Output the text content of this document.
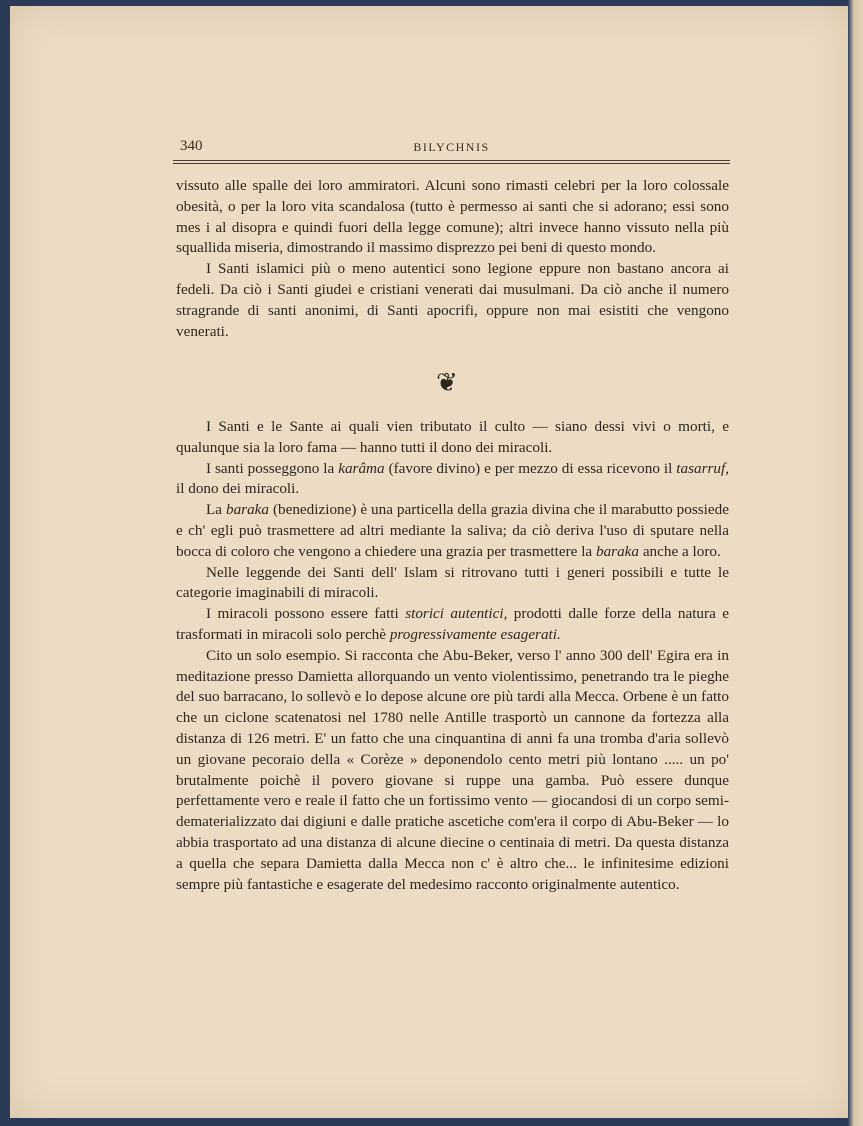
340	BILYCHNIS

vissuto alle spalle dei loro ammiratori. Alcuni sono rimasti celebri per la loro colossale obesità, o per la loro vita scandalosa (tutto è permesso ai santi che si adorano; essi sono mes i al disopra e quindi fuori della legge comune); altri invece hanno vissuto nella più squallida miseria, dimostrando il massimo disprezzo pei beni di questo mondo.

I Santi islamici più o meno autentici sono legione eppure non bastano ancora ai fedeli. Da ciò i Santi giudei e cristiani venerati dai musulmani. Da ciò anche il numero stragrande di santi anonimi, di Santi apocrifi, oppure non mai esistiti che vengono venerati.

❦

I Santi e le Sante ai quali vien tributato il culto — siano dessi vivi o morti, e qualunque sia la loro fama — hanno tutti il dono dei miracoli.

I santi posseggono la karâma (favore divino) e per mezzo di essa ricevono il tasarruf, il dono dei miracoli.

La baraka (benedizione) è una particella della grazia divina che il marabutto possiede e ch' egli può trasmettere ad altri mediante la saliva; da ciò deriva l'uso di sputare nella bocca di coloro che vengono a chiedere una grazia per trasmettere la baraka anche a loro.

Nelle leggende dei Santi dell' Islam si ritrovano tutti i generi possibili e tutte le categorie imaginabili di miracoli.

I miracoli possono essere fatti storici autentici, prodotti dalle forze della natura e trasformati in miracoli solo perchè progressivamente esagerati.

Cito un solo esempio. Si racconta che Abu-Beker, verso l' anno 300 dell' Egira era in meditazione presso Damietta allorquando un vento violentissimo, penetrando tra le pieghe del suo barracano, lo sollevò e lo depose alcune ore più tardi alla Mecca. Orbene è un fatto che un ciclone scatenatosi nel 1780 nelle Antille trasportò un cannone da fortezza alla distanza di 126 metri. E' un fatto che una cinquantina di anni fa una tromba d'aria sollevò un giovane pecoraio della « Corèze » deponendolo cento metri più lontano ..... un po' brutalmente poichè il povero giovane si ruppe una gamba. Può essere dunque perfettamente vero e reale il fatto che un fortissimo vento — giocandosi di un corpo semi-dematerializzato dai digiuni e dalle pratiche ascetiche com'era il corpo di Abu-Beker — lo abbia trasportato ad una distanza di alcune diecine o centinaia di metri. Da questa distanza a quella che separa Damietta dalla Mecca non c' è altro che... le infinitesime edizioni sempre più fantastiche e esagerate del medesimo racconto originalmente autentico.
